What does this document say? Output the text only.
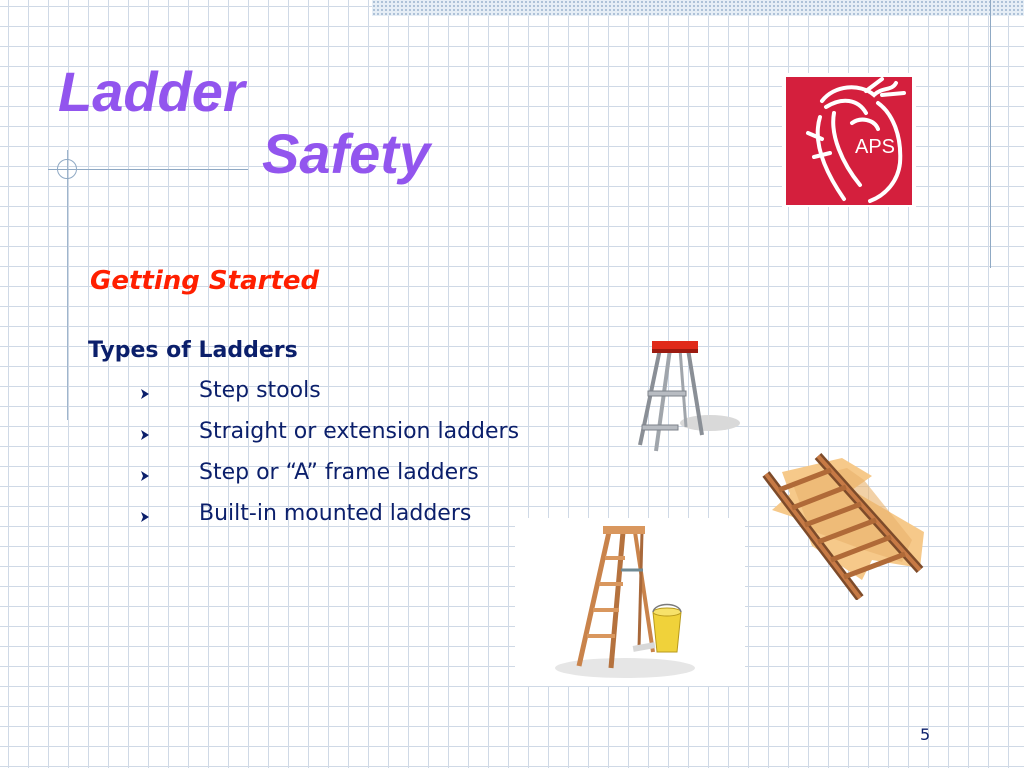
Ladder
Safety	APS

Getting Started

Types of Ladders

Step stools
Straight or extension ladders
Step or “A” frame ladders
Built-in mounted ladders
5
